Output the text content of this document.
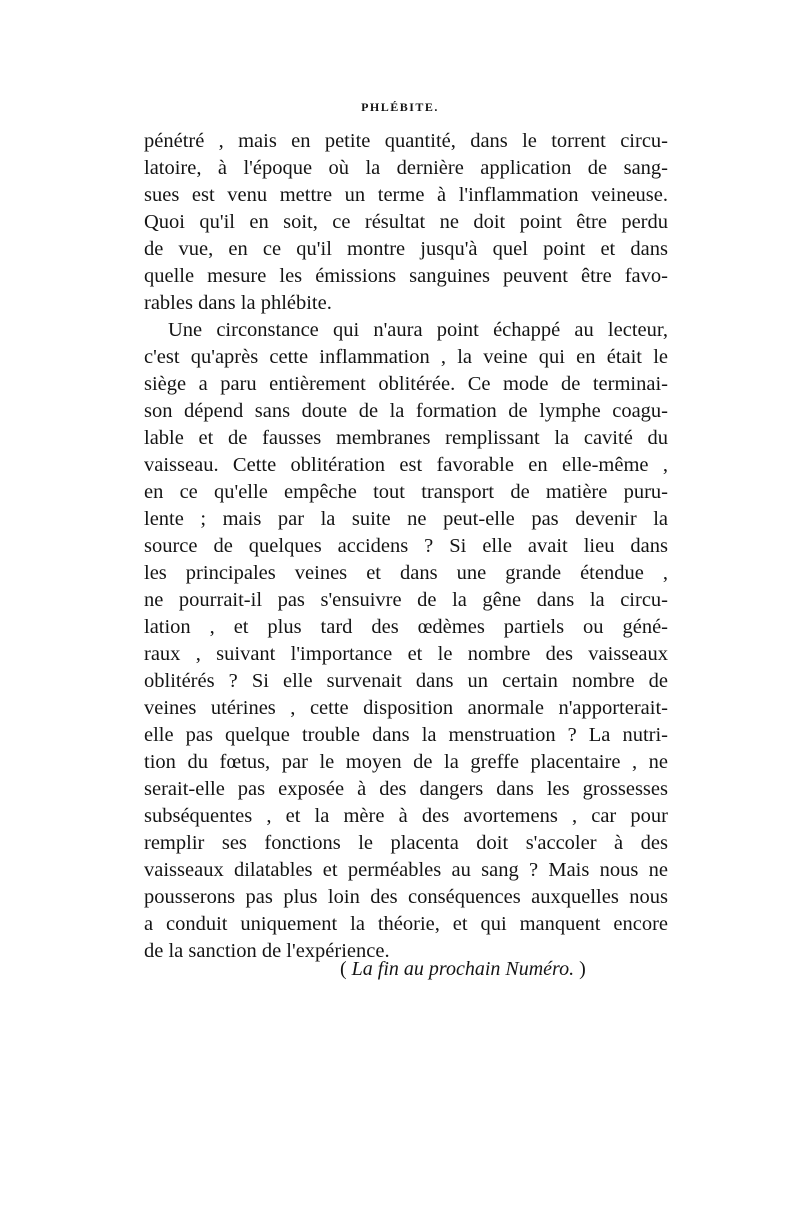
PHLÉBITE.
pénétré , mais en petite quantité, dans le torrent circu-
latoire, à l'époque où la dernière application de sang-
sues est venu mettre un terme à l'inflammation veineuse.
Quoi qu'il en soit, ce résultat ne doit point être perdu
de vue, en ce qu'il montre jusqu'à quel point et dans
quelle mesure les émissions sanguines peuvent être favo-
rables dans la phlébite.
Une circonstance qui n'aura point échappé au lecteur,
c'est qu'après cette inflammation , la veine qui en était le
siège a paru entièrement oblitérée. Ce mode de terminai-
son dépend sans doute de la formation de lymphe coagu-
lable et de fausses membranes remplissant la cavité du
vaisseau. Cette oblitération est favorable en elle-même ,
en ce qu'elle empêche tout transport de matière puru-
lente ; mais par la suite ne peut-elle pas devenir la
source de quelques accidens ? Si elle avait lieu dans
les principales veines et dans une grande étendue ,
ne pourrait-il pas s'ensuivre de la gêne dans la circu-
lation , et plus tard des œdèmes partiels ou géné-
raux , suivant l'importance et le nombre des vaisseaux
oblitérés ? Si elle survenait dans un certain nombre de
veines utérines , cette disposition anormale n'apporterait-
elle pas quelque trouble dans la menstruation ? La nutri-
tion du fœtus, par le moyen de la greffe placentaire , ne
serait-elle pas exposée à des dangers dans les grossesses
subséquentes , et la mère à des avortemens , car pour
remplir ses fonctions le placenta doit s'accoler à des
vaisseaux dilatables et perméables au sang ? Mais nous ne
pousserons pas plus loin des conséquences auxquelles nous
a conduit uniquement la théorie, et qui manquent encore
de la sanction de l'expérience.
( La fin au prochain Numéro. )
